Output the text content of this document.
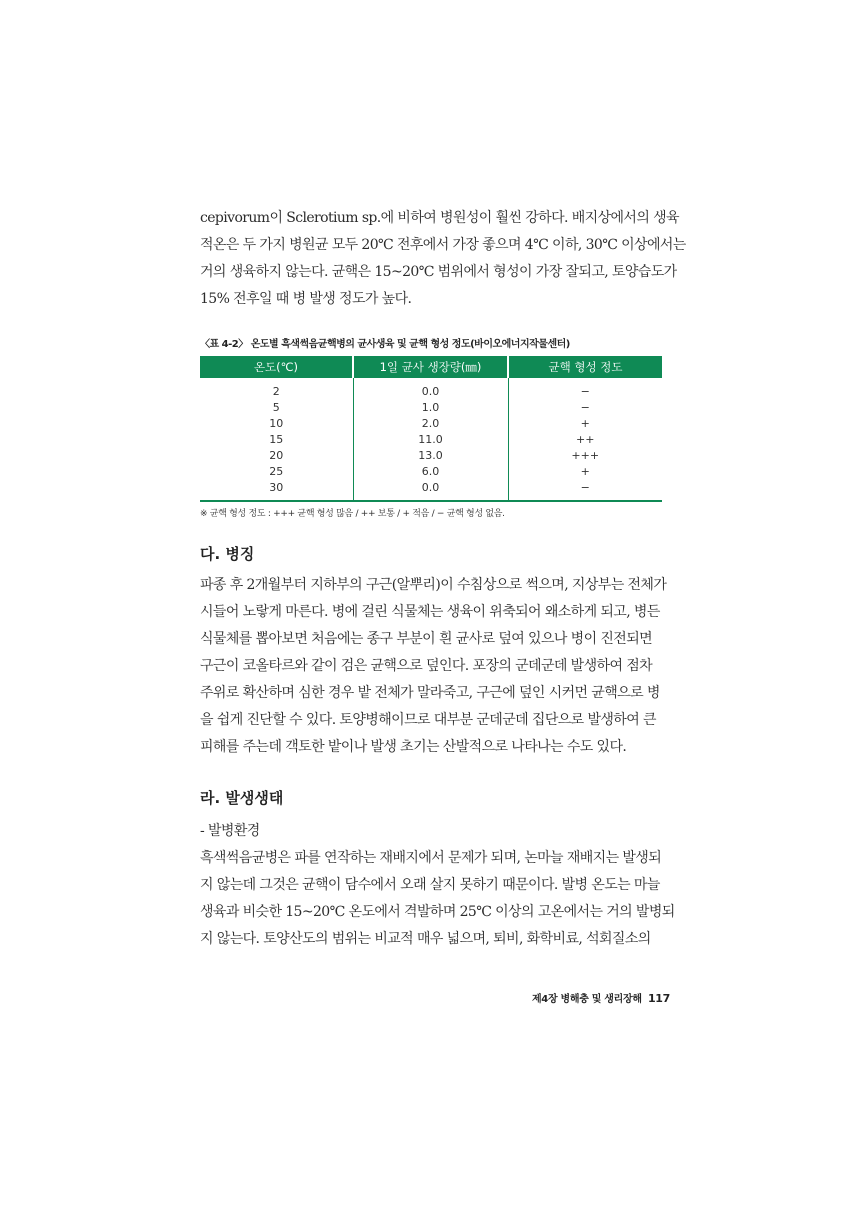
cepivorum이 Sclerotium sp.에 비하여 병원성이 훨씬 강하다. 배지상에서의 생육
적온은 두 가지 병원균 모두 20℃ 전후에서 가장 좋으며 4℃ 이하, 30℃ 이상에서는
거의 생육하지 않는다. 균핵은 15~20℃ 범위에서 형성이 가장 잘되고, 토양습도가
15% 전후일 때 병 발생 정도가 높다.

〈표 4-2〉 온도별 흑색썩음균핵병의 균사생육 및 균핵 형성 정도(바이오에너지작물센터)
온도(℃)	1일 균사 생장량(㎜)	균핵 형성 정도
2	0.0	−
5	1.0	−
10	2.0	+
15	11.0	++
20	13.0	+++
25	6.0	+
30	0.0	−
※ 균핵 형성 정도 : +++ 균핵 형성 많음 / ++ 보통 / + 적음 / − 균핵 형성 없음.
다. 병징

파종 후 2개월부터 지하부의 구근(알뿌리)이 수침상으로 썩으며, 지상부는 전체가
시들어 노랗게 마른다. 병에 걸린 식물체는 생육이 위축되어 왜소하게 되고, 병든
식물체를 뽑아보면 처음에는 종구 부분이 흰 균사로 덮여 있으나 병이 진전되면
구근이 코올타르와 같이 검은 균핵으로 덮인다. 포장의 군데군데 발생하여 점차
주위로 확산하며 심한 경우 밭 전체가 말라죽고, 구근에 덮인 시커먼 균핵으로 병
을 쉽게 진단할 수 있다. 토양병해이므로 대부분 군데군데 집단으로 발생하여 큰
피해를 주는데 객토한 밭이나 발생 초기는 산발적으로 나타나는 수도 있다.

라. 발생생태
- 발병환경

흑색썩음균병은 파를 연작하는 재배지에서 문제가 되며, 논마늘 재배지는 발생되
지 않는데 그것은 균핵이 담수에서 오래 살지 못하기 때문이다. 발병 온도는 마늘
생육과 비슷한 15~20℃ 온도에서 격발하며 25℃ 이상의 고온에서는 거의 발병되
지 않는다. 토양산도의 범위는 비교적 매우 넓으며, 퇴비, 화학비료, 석회질소의

제4장 병해충 및 생리장해 117
